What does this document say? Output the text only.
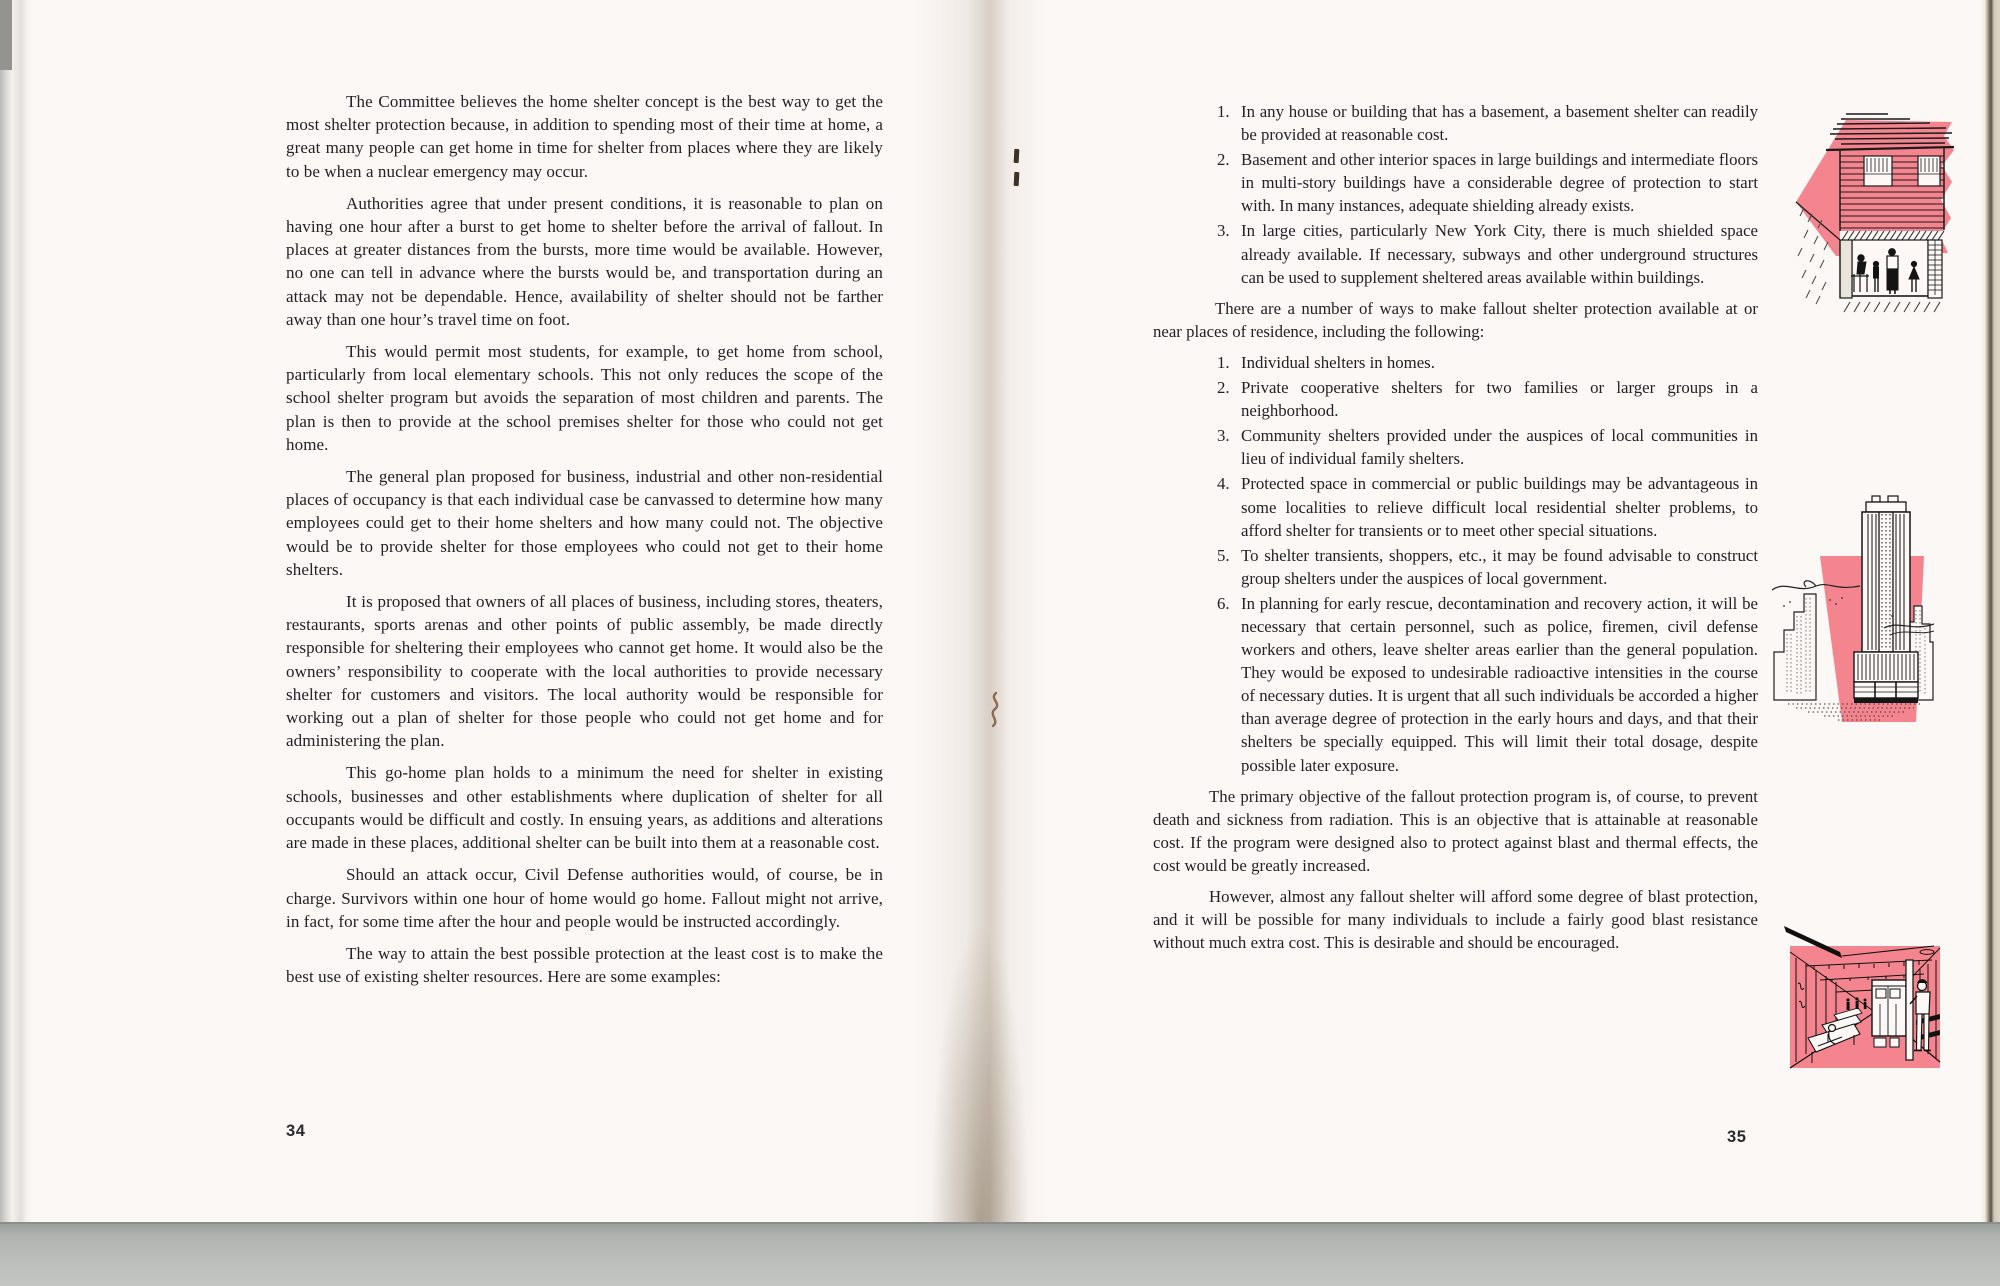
The Committee believes the home shelter concept is the best way to get the most shelter protection because, in addition to spending most of their time at home, a great many people can get home in time for shelter from places where they are likely to be when a nuclear emergency may occur.

Authorities agree that under present conditions, it is reasonable to plan on having one hour after a burst to get home to shelter before the arrival of fallout. In places at greater distances from the bursts, more time would be available. However, no one can tell in advance where the bursts would be, and transportation during an attack may not be dependable. Hence, availability of shelter should not be farther away than one hour’s travel time on foot.

This would permit most students, for example, to get home from school, particularly from local elementary schools. This not only reduces the scope of the school shelter program but avoids the separation of most children and parents. The plan is then to provide at the school premises shelter for those who could not get home.

The general plan proposed for business, industrial and other non-residential places of occupancy is that each individual case be canvassed to determine how many employees could get to their home shelters and how many could not. The objective would be to provide shelter for those employees who could not get to their home shelters.

It is proposed that owners of all places of business, including stores, theaters, restaurants, sports arenas and other points of public assembly, be made directly responsible for sheltering their employees who cannot get home. It would also be the owners’ responsibility to cooperate with the local authorities to provide necessary shelter for customers and visitors. The local authority would be responsible for working out a plan of shelter for those people who could not get home and for administering the plan.

This go-home plan holds to a minimum the need for shelter in existing schools, businesses and other establishments where duplication of shelter for all occupants would be difficult and costly. In ensuing years, as additions and alterations are made in these places, additional shelter can be built into them at a reasonable cost.

Should an attack occur, Civil Defense authorities would, of course, be in charge. Survivors within one hour of home would go home. Fallout might not arrive, in fact, for some time after the hour and people would be instructed accordingly.

The way to attain the best possible protection at the least cost is to make the best use of existing shelter resources. Here are some examples:

34
1. In any house or building that has a basement, a basement shelter can readily be provided at reasonable cost.
2. Basement and other interior spaces in large buildings and intermediate floors in multi-story buildings have a considerable degree of protection to start with. In many instances, adequate shielding already exists.
3. In large cities, particularly New York City, there is much shielded space already available. If necessary, subways and other underground structures can be used to supplement sheltered areas available within buildings.

There are a number of ways to make fallout shelter protection available at or near places of residence, including the following:

1. Individual shelters in homes.
2. Private cooperative shelters for two families or larger groups in a neighborhood.
3. Community shelters provided under the auspices of local communities in lieu of individual family shelters.
4. Protected space in commercial or public buildings may be advantageous in some localities to relieve difficult local residential shelter problems, to afford shelter for transients or to meet other special situations.
5. To shelter transients, shoppers, etc., it may be found advisable to construct group shelters under the auspices of local government.
6. In planning for early rescue, decontamination and recovery action, it will be necessary that certain personnel, such as police, firemen, civil defense workers and others, leave shelter areas earlier than the general population. They would be exposed to undesirable radioactive intensities in the course of necessary duties. It is urgent that all such individuals be accorded a higher than average degree of protection in the early hours and days, and that their shelters be specially equipped. This will limit their total dosage, despite possible later exposure.

The primary objective of the fallout protection program is, of course, to prevent death and sickness from radiation. This is an objective that is attainable at reasonable cost. If the program were designed also to protect against blast and thermal effects, the cost would be greatly increased.

However, almost any fallout shelter will afford some degree of blast protection, and it will be possible for many individuals to include a fairly good blast resistance without much extra cost. This is desirable and should be encouraged.

35
